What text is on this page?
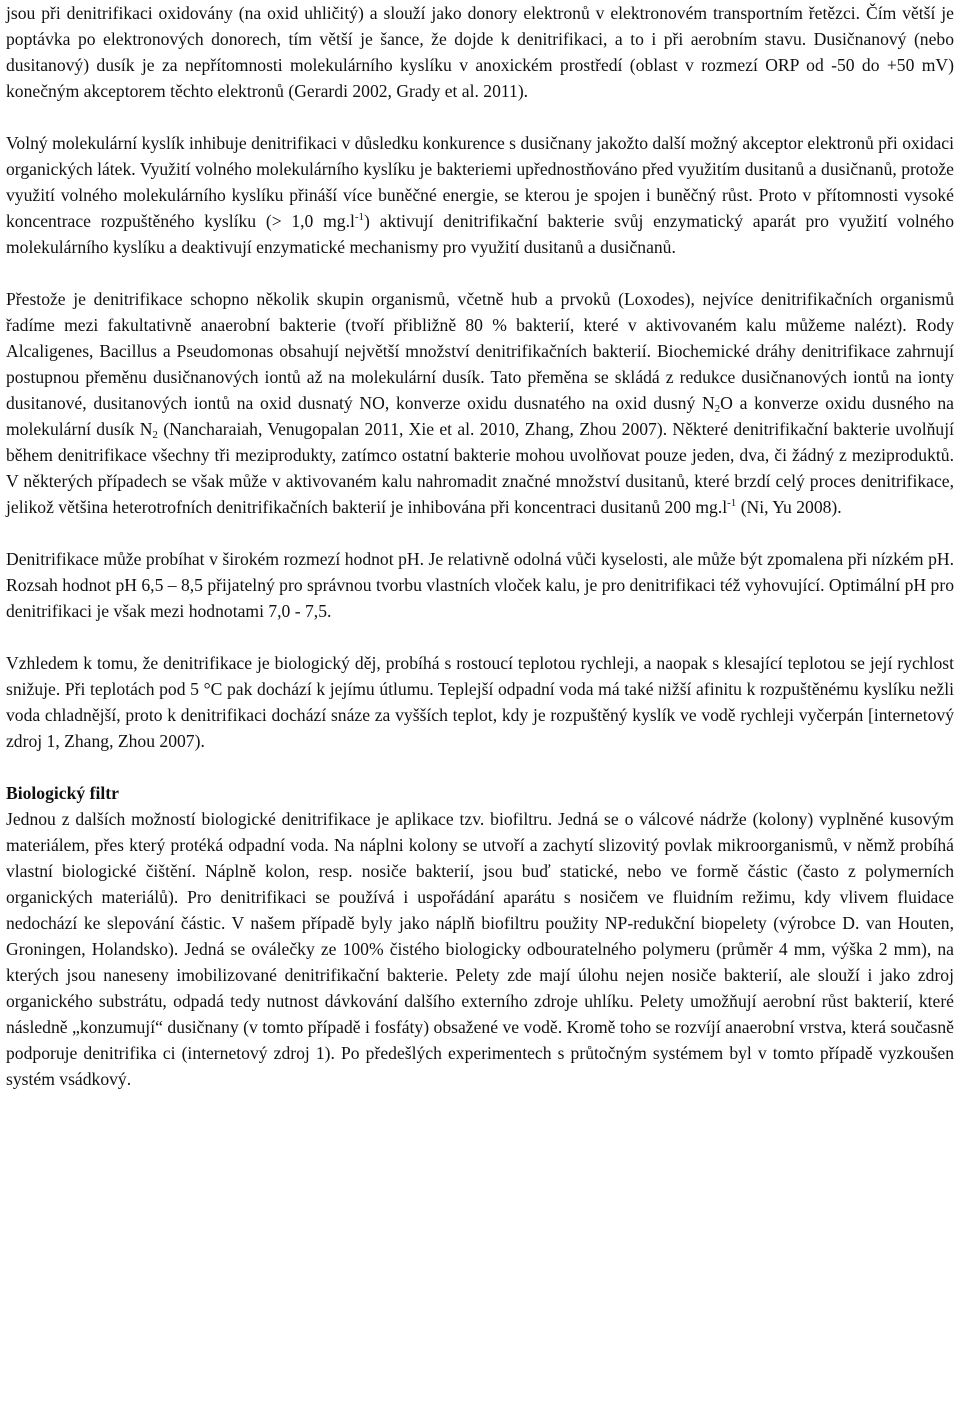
jsou při denitrifikaci oxidovány (na oxid uhličitý) a slouží jako donory elektronů v elektronovém transportním řetězci. Čím větší je poptávka po elektronových donorech, tím větší je šance, že dojde k denitrifikaci, a to i při aerobním stavu. Dusičnanový (nebo dusitanový) dusík je za nepřítomnosti molekulárního kyslíku v anoxickém prostředí (oblast v rozmezí ORP od -50 do +50 mV) konečným akceptorem těchto elektronů (Gerardi 2002, Grady et al. 2011).

Volný molekulární kyslík inhibuje denitrifikaci v důsledku konkurence s dusičnany jakožto další možný akceptor elektronů při oxidaci organických látek. Využití volného molekulárního kyslíku je bakteriemi upřednostňováno před využitím dusitanů a dusičnanů, protože využití volného molekulárního kyslíku přináší více buněčné energie, se kterou je spojen i buněčný růst. Proto v přítomnosti vysoké koncentrace rozpuštěného kyslíku (> 1,0 $mg.l^{-1}$) aktivují denitrifikační bakterie svůj enzymatický aparát pro využití volného molekulárního kyslíku a deaktivují enzymatické mechanismy pro využití dusitanů a dusičnanů.

Přestože je denitrifikace schopno několik skupin organismů, včetně hub a prvoků (Loxodes), nejvíce denitrifikačních organismů řadíme mezi fakultativně anaerobní bakterie (tvoří přibližně 80 % bakterií, které v aktivovaném kalu můžeme nalézt). Rody Alcaligenes, Bacillus a Pseudomonas obsahují největší množství denitrifikačních bakterií. Biochemické dráhy denitrifikace zahrnují postupnou přeměnu dusičnanových iontů až na molekulární dusík. Tato přeměna se skládá z redukce dusičnanových iontů na ionty dusitanové, dusitanových iontů na oxid dusnatý NO, konverze oxidu dusnatého na oxid dusný $N_2O$ a konverze oxidu dusného na molekulární dusík $N_2$ (Nancharaiah, Venugopalan 2011, Xie et al. 2010, Zhang, Zhou 2007). Některé denitrifikační bakterie uvolňují během denitrifikace všechny tři meziprodukty, zatímco ostatní bakterie mohou uvolňovat pouze jeden, dva, či žádný z meziproduktů. V některých případech se však může v aktivovaném kalu nahromadit značné množství dusitanů, které brzdí celý proces denitrifikace, jelikož většina heterotrofních denitrifikačních bakterií je inhibována při koncentraci dusitanů 200 $mg.l^{-1}$ (Ni, Yu 2008).

Denitrifikace může probíhat v širokém rozmezí hodnot pH. Je relativně odolná vůči kyselosti, ale může být zpomalena při nízkém pH. Rozsah hodnot pH 6,5 – 8,5 přijatelný pro správnou tvorbu vlastních vloček kalu, je pro denitrifikaci též vyhovující. Optimální pH pro denitrifikaci je však mezi hodnotami 7,0 - 7,5.

Vzhledem k tomu, že denitrifikace je biologický děj, probíhá s rostoucí teplotou rychleji, a naopak s klesající teplotou se její rychlost snižuje. Při teplotách pod 5 °C pak dochází k jejímu útlumu. Teplejší odpadní voda má také nižší afinitu k rozpuštěnému kyslíku nežli voda chladnější, proto k denitrifikaci dochází snáze za vyšších teplot, kdy je rozpuštěný kyslík ve vodě rychleji vyčerpán [internetový zdroj 1, Zhang, Zhou 2007).

Biologický filtr

Jednou z dalších možností biologické denitrifikace je aplikace tzv. biofiltru. Jedná se o válcové nádrže (kolony) vyplněné kusovým materiálem, přes který protéká odpadní voda. Na náplni kolony se utvoří a zachytí slizovitý povlak mikroorganismů, v němž probíhá vlastní biologické čištění. Náplně kolon, resp. nosiče bakterií, jsou buď statické, nebo ve formě částic (často z polymerních organických materiálů). Pro denitrifikaci se používá i uspořádání aparátu s nosičem ve fluidním režimu, kdy vlivem fluidace nedochází ke slepování částic. V našem případě byly jako náplň biofiltru použity NP-redukční biopelety (výrobce D. van Houten, Groningen, Holandsko). Jedná se oválečky ze 100% čistého biologicky odbouratelného polymeru (průměr 4 mm, výška 2 mm), na kterých jsou naneseny imobilizované denitrifikační bakterie. Pelety zde mají úlohu nejen nosiče bakterií, ale slouží i jako zdroj organického substrátu, odpadá tedy nutnost dávkování dalšího externího zdroje uhlíku. Pelety umožňují aerobní růst bakterií, které následně „konzumují“ dusičnany (v tomto případě i fosfáty) obsažené ve vodě. Kromě toho se rozvíjí anaerobní vrstva, která současně podporuje denitrifika ci (internetový zdroj 1). Po předešlých experimentech s průtočným systémem byl v tomto případě vyzkoušen systém vsádkový.
